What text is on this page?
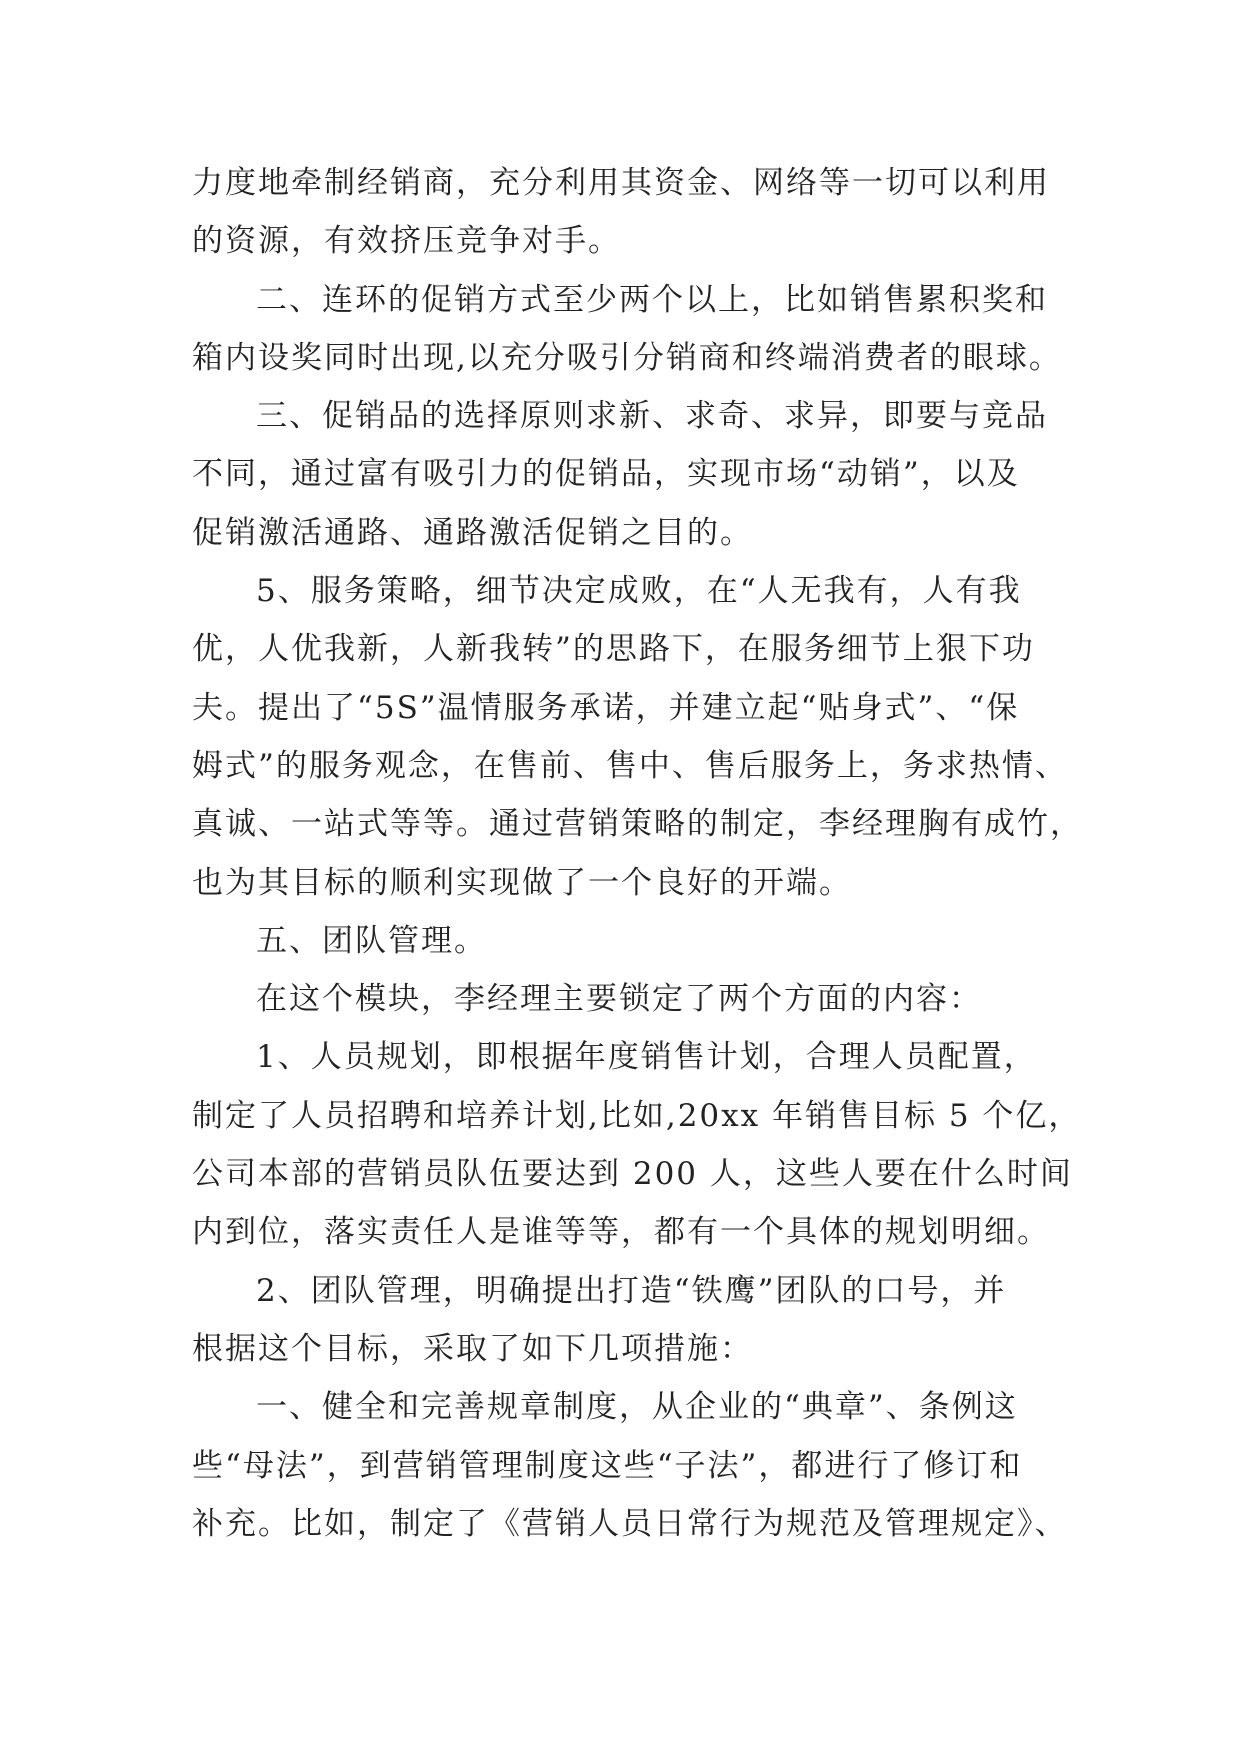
力度地牵制经销商，充分利用其资金、网络等一切可以利用
的资源，有效挤压竞争对手。
二、连环的促销方式至少两个以上，比如销售累积奖和
箱内设奖同时出现,以充分吸引分销商和终端消费者的眼球。
三、促销品的选择原则求新、求奇、求异，即要与竞品
不同，通过富有吸引力的促销品，实现市场“动销”，以及
促销激活通路、通路激活促销之目的。
5、服务策略，细节决定成败，在“人无我有，人有我
优，人优我新，人新我转”的思路下，在服务细节上狠下功
夫。提出了“5S”温情服务承诺，并建立起“贴身式”、“保
姆式”的服务观念，在售前、售中、售后服务上，务求热情、
真诚、一站式等等。通过营销策略的制定，李经理胸有成竹，
也为其目标的顺利实现做了一个良好的开端。
五、团队管理。
在这个模块，李经理主要锁定了两个方面的内容：
1、人员规划，即根据年度销售计划，合理人员配置，
制定了人员招聘和培养计划,比如,20xx 年销售目标 5 个亿，
公司本部的营销员队伍要达到 200 人，这些人要在什么时间
内到位，落实责任人是谁等等，都有一个具体的规划明细。
2、团队管理，明确提出打造“铁鹰”团队的口号，并
根据这个目标，采取了如下几项措施：
一、健全和完善规章制度，从企业的“典章”、条例这
些“母法”，到营销管理制度这些“子法”，都进行了修订和
补充。比如，制定了《营销人员日常行为规范及管理规定》、
